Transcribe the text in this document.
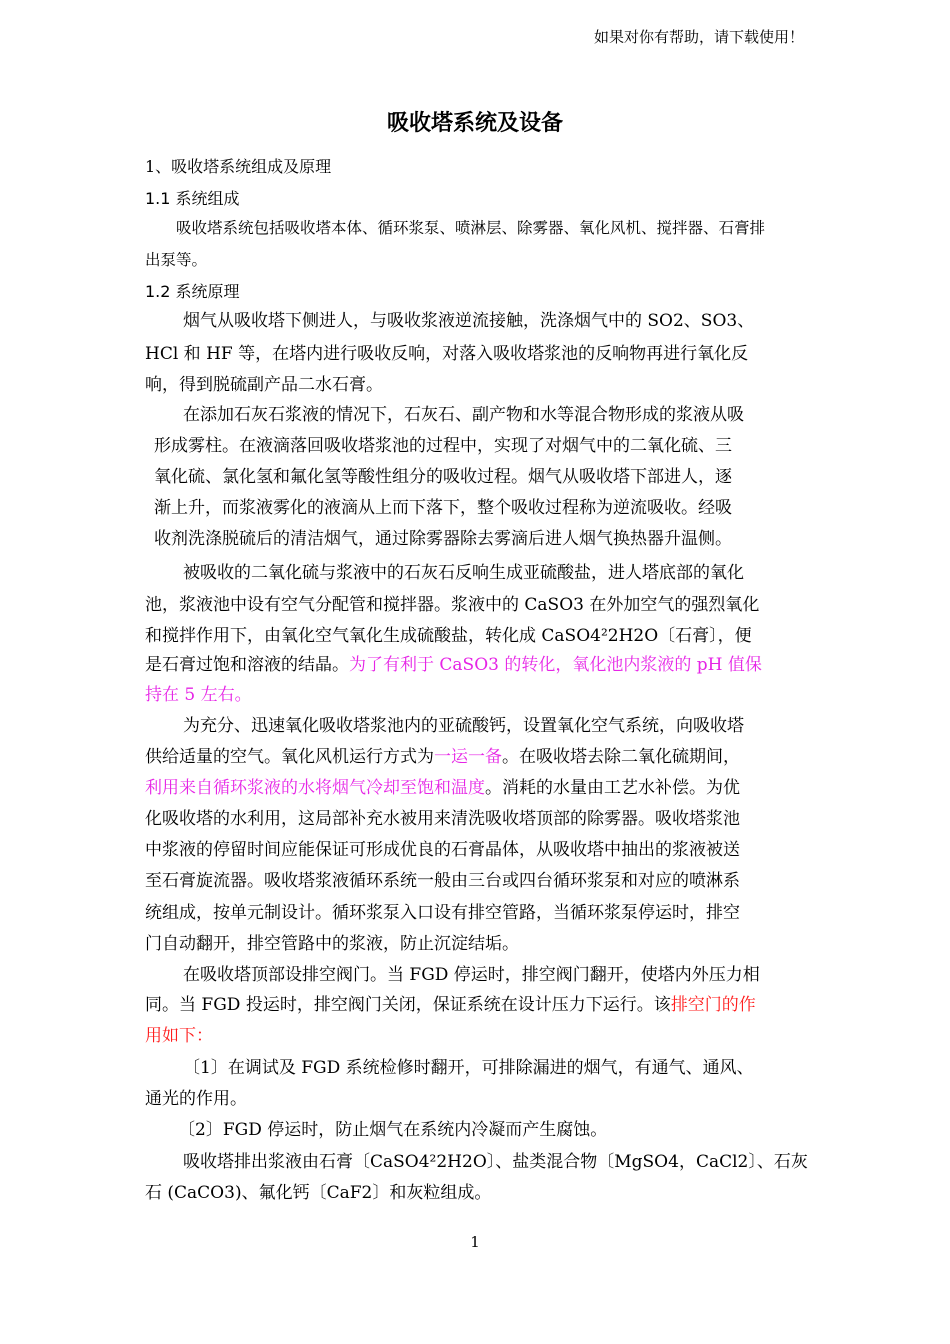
如果对你有帮助，请下载使用！

吸收塔系统及设备

1、吸收塔系统组成及原理

1.1 系统组成

吸收塔系统包括吸收塔本体、循环浆泵、喷淋层、除雾器、氧化风机、搅拌器、石膏排

出泵等。

1.2 系统原理

烟气从吸收塔下侧进人，与吸收浆液逆流接触，洗涤烟气中的 SO2、SO3、

HCl 和 HF 等，在塔内进行吸收反响，对落入吸收塔浆池的反响物再进行氧化反

响，得到脱硫副产品二水石膏。

在添加石灰石浆液的情况下，石灰石、副产物和水等混合物形成的浆液从吸

形成雾柱。在液滴落回吸收塔浆池的过程中，实现了对烟气中的二氧化硫、三

氧化硫、氯化氢和氟化氢等酸性组分的吸收过程。烟气从吸收塔下部进人，逐

渐上升，而浆液雾化的液滴从上而下落下，整个吸收过程称为逆流吸收。经吸

收剂洗涤脱硫后的清洁烟气，通过除雾器除去雾滴后进人烟气换热器升温侧。

被吸收的二氧化硫与浆液中的石灰石反响生成亚硫酸盐，进人塔底部的氧化

池，浆液池中设有空气分配管和搅拌器。浆液中的 CaSO3 在外加空气的强烈氧化

和搅拌作用下，由氧化空气氧化生成硫酸盐，转化成 CaSO4²2H2O〔石膏〕，便

是石膏过饱和溶液的结晶。为了有利于 CaSO3 的转化，氧化池内浆液的 pH 值保

持在 5 左右。

为充分、迅速氧化吸收塔浆池内的亚硫酸钙，设置氧化空气系统，向吸收塔

供给适量的空气。氧化风机运行方式为一运一备。在吸收塔去除二氧化硫期间，

利用来自循环浆液的水将烟气冷却至饱和温度。消耗的水量由工艺水补偿。为优

化吸收塔的水利用，这局部补充水被用来清洗吸收塔顶部的除雾器。吸收塔浆池

中浆液的停留时间应能保证可形成优良的石膏晶体，从吸收塔中抽出的浆液被送

至石膏旋流器。吸收塔浆液循环系统一般由三台或四台循环浆泵和对应的喷淋系

统组成，按单元制设计。循环浆泵入口设有排空管路，当循环浆泵停运时，排空

门自动翻开，排空管路中的浆液，防止沉淀结垢。

在吸收塔顶部设排空阀门。当 FGD 停运时，排空阀门翻开，使塔内外压力相

同。当 FGD 投运时，排空阀门关闭，保证系统在设计压力下运行。该排空门的作

用如下：

〔1〕在调试及 FGD 系统检修时翻开，可排除漏进的烟气，有通气、通风、

通光的作用。

〔2〕FGD 停运时，防止烟气在系统内冷凝而产生腐蚀。

吸收塔排出浆液由石膏〔CaSO4²2H2O〕、盐类混合物〔MgSO4，CaCl2〕、石灰

石 (CaCO3)、氟化钙〔CaF2〕和灰粒组成。

1
